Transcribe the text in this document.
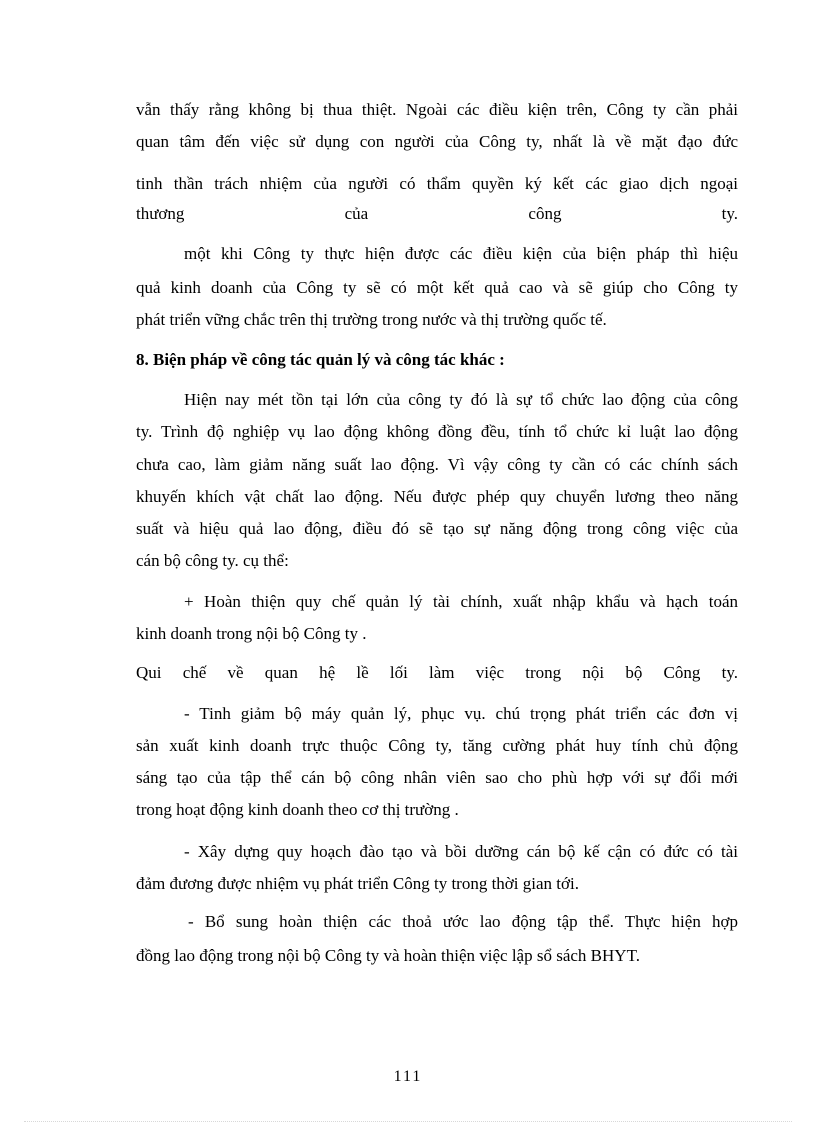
vẫn thấy rằng không bị thua thiệt. Ngoài các điều kiện trên, Công ty cần phải

quan tâm đến việc sử dụng con người của Công ty, nhất là về mặt đạo đức

tinh thần trách nhiệm của người có thẩm quyền ký kết các giao dịch ngoại

thương của công ty.

một khi Công ty thực hiện được các điều kiện của biện pháp thì hiệu

quả kinh doanh của Công ty sẽ có một kết quả cao và sẽ giúp cho Công ty

phát triển vững chắc trên thị trường trong nước và thị trường quốc tế.

8. Biện pháp về công tác quản lý và công tác khác :

Hiện nay mét tồn tại lớn của công ty đó là sự tổ chức lao động của công

ty. Trình độ nghiệp vụ lao động không đồng đều, tính tổ chức kỉ luật lao động

chưa cao, làm giảm năng suất lao động. Vì vậy công ty cần có các chính sách

khuyến khích vật chất lao động. Nếu được phép quy chuyển lương theo năng

suất và hiệu quả lao động, điều đó sẽ tạo sự năng động trong công việc của

cán bộ công ty. cụ thể:

+ Hoàn thiện quy chế quản lý tài chính, xuất nhập khẩu và hạch toán

kinh doanh trong nội bộ Công ty .

Qui chế về quan hệ lề lối làm việc trong nội bộ Công ty.

- Tinh giảm bộ máy quản lý, phục vụ. chú trọng phát triển các đơn vị

sản xuất kinh doanh trực thuộc Công ty, tăng cường phát huy tính chủ động

sáng tạo của tập thể cán bộ công nhân viên sao cho phù hợp với sự đổi mới

trong hoạt động kinh doanh theo cơ thị trường .

- Xây dựng quy hoạch đào tạo và bồi dưỡng cán bộ kế cận có đức có tài

đảm đương được nhiệm vụ phát triển Công ty trong thời gian tới.

- Bổ sung hoàn thiện các thoả ước lao động tập thể. Thực hiện hợp

đồng lao động trong nội bộ Công ty và hoàn thiện việc lập sổ sách BHYT.

111
